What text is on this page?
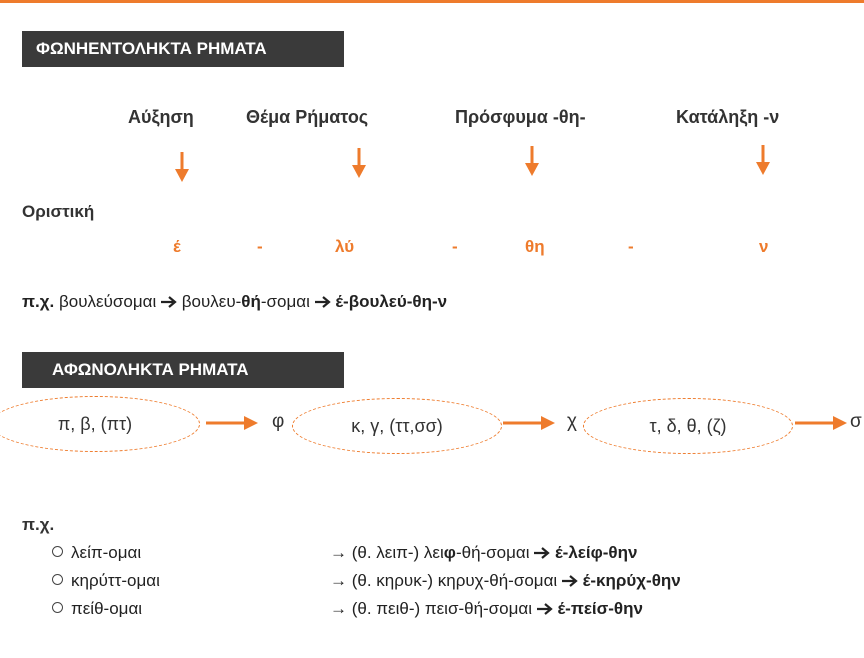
ΦΩΝΗΕΝΤΟΛΗΚΤΑ ΡΗΜΑΤΑ
Αύξηση	Θέμα Ρήματος	Πρόσφυμα -θη-	Κατάληξη -ν
Οριστική
έ	-	λύ	-	θη	-	ν
π.χ. βουλεύσομαι βουλευ-θή-σομαι έ-βουλεύ-θη-ν
ΑΦΩΝΟΛΗΚΤΑ ΡΗΜΑΤΑ
π, β, (πτ)	φ	κ, γ, (ττ,σσ)	χ	τ, δ, θ, (ζ)	σ
π.χ.
λείπ-ομαι	→ (θ. λειπ-) λειφ-θή-σομαι έ-λείφ-θην
κηρύττ-ομαι	→ (θ. κηρυκ-) κηρυχ-θή-σομαι έ-κηρύχ-θην
πείθ-ομαι	→ (θ. πειθ-) πεισ-θή-σομαι έ-πείσ-θην
